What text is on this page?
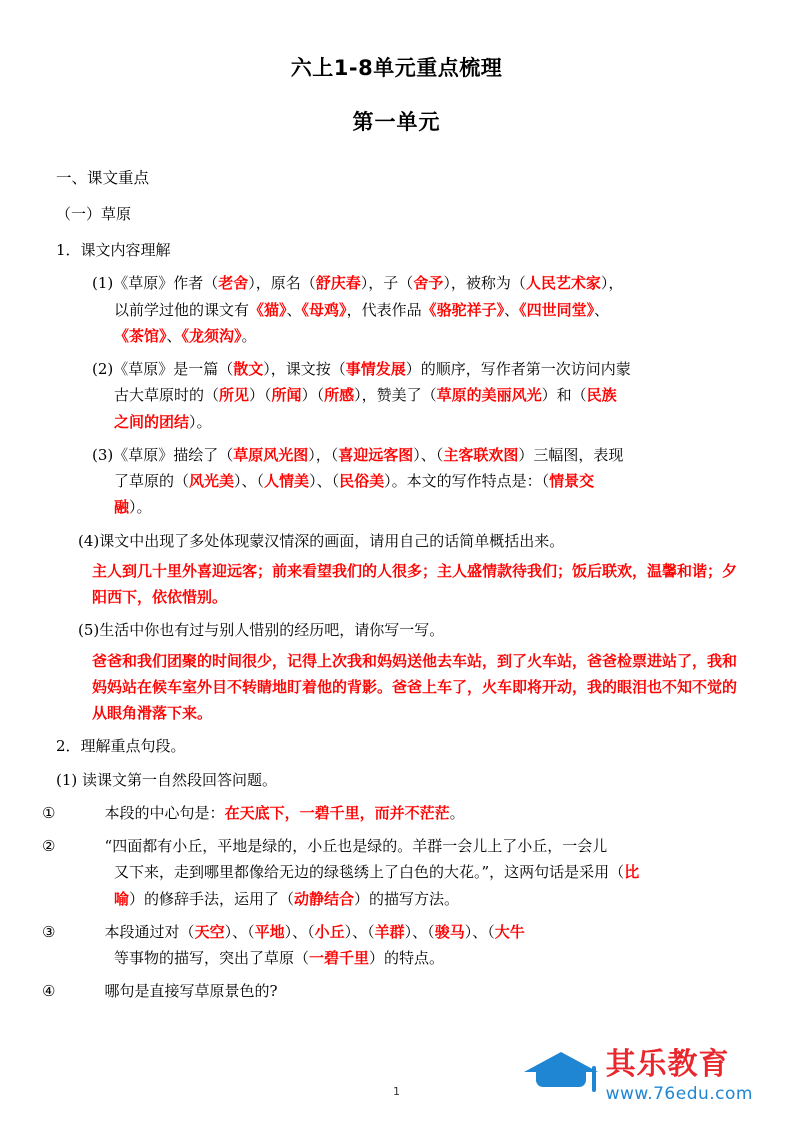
六上1-8单元重点梳理
第一单元

一、课文重点

（一）草原

1．课文内容理解

(1)《草原》作者（老舍），原名（舒庆春），子（舍予），被称为（人民艺术家），
以前学过他的课文有《猫》、《母鸡》，代表作品《骆驼祥子》、《四世同堂》、
《茶馆》、《龙须沟》。

(2)《草原》是一篇（散文），课文按（事情发展）的顺序，写作者第一次访问内蒙
古大草原时的（所见）（所闻）（所感），赞美了（草原的美丽风光）和（民族
之间的团结）。

(3)《草原》描绘了（草原风光图），（喜迎远客图）、（主客联欢图）三幅图，表现
了草原的（风光美）、（人情美）、（民俗美）。本文的写作特点是：（情景交
融）。

(4)课文中出现了多处体现蒙汉情深的画面，请用自己的话简单概括出来。

主人到几十里外喜迎远客；前来看望我们的人很多；主人盛情款待我们；饭后联欢，温馨和谐；夕阳西下，依依惜别。

(5)生活中你也有过与别人惜别的经历吧，请你写一写。

爸爸和我们团聚的时间很少，记得上次我和妈妈送他去车站，到了火车站，爸爸检票进站了，我和妈妈站在候车室外目不转睛地盯着他的背影。爸爸上车了，火车即将开动，我的眼泪也不知不觉的从眼角滑落下来。

2．理解重点句段。

(1) 读课文第一自然段回答问题。

①	本段的中心句是：在天底下，一碧千里，而并不茫茫。

②	“四面都有小丘，平地是绿的，小丘也是绿的。羊群一会儿上了小丘，一会儿
又下来，走到哪里都像给无边的绿毯绣上了白色的大花。”，这两句话是采用（比
喻）的修辞手法，运用了（动静结合）的描写方法。

③	本段通过对（天空）、（平地）、（小丘）、（羊群）、（骏马）、（大牛
等事物的描写，突出了草原（一碧千里）的特点。

④	哪句是直接写草原景色的?

1
其乐教育
www.76edu.com
